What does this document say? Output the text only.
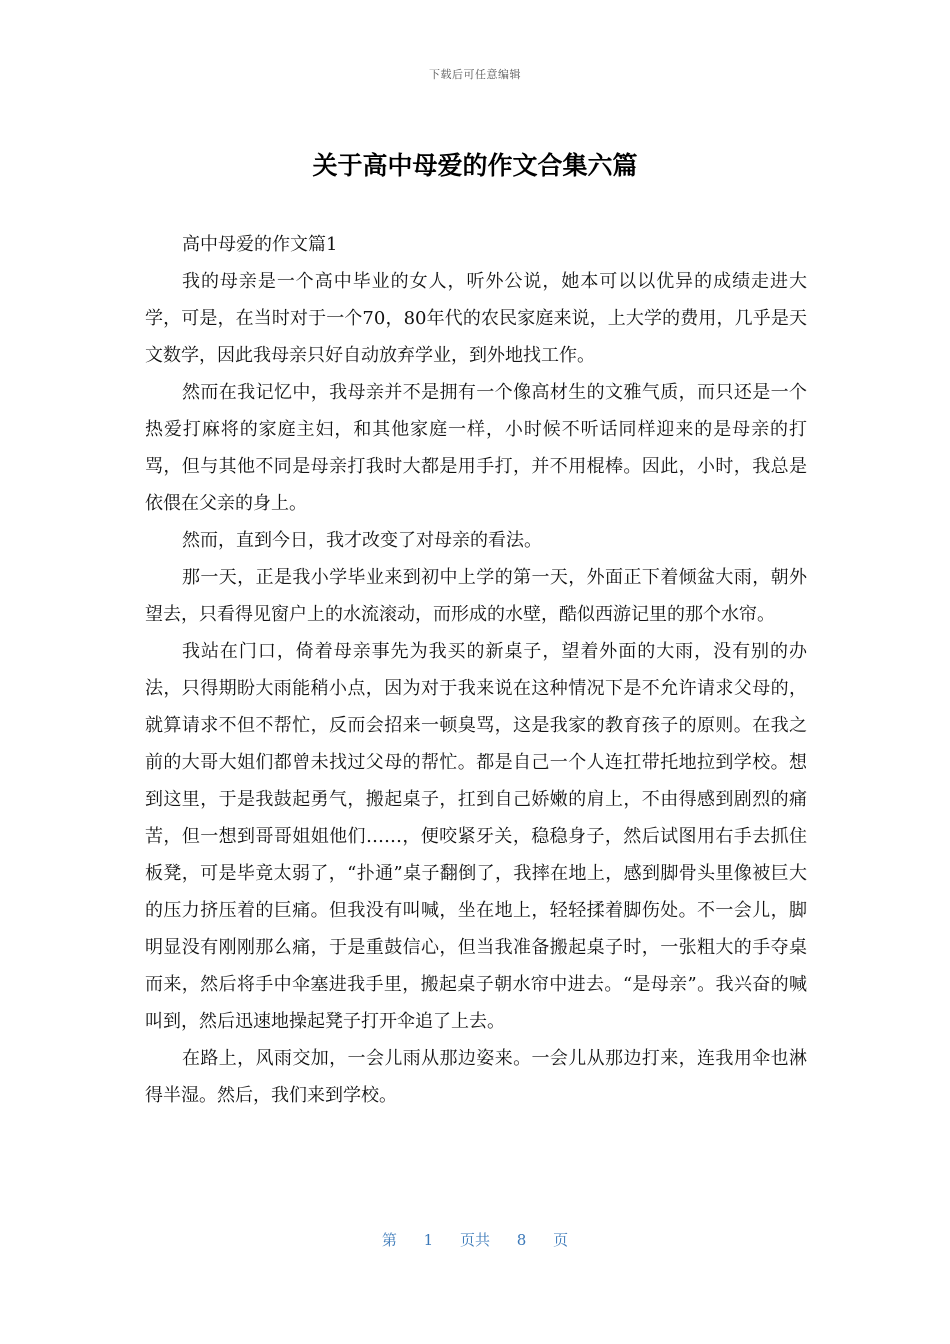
下载后可任意编辑
关于高中母爱的作文合集六篇

高中母爱的作文篇1

我的母亲是一个高中毕业的女人，听外公说，她本可以以优异的成绩走进大学，可是，在当时对于一个70，80年代的农民家庭来说，上大学的费用，几乎是天文数学，因此我母亲只好自动放弃学业，到外地找工作。

然而在我记忆中，我母亲并不是拥有一个像高材生的文雅气质，而只还是一个热爱打麻将的家庭主妇，和其他家庭一样，小时候不听话同样迎来的是母亲的打骂，但与其他不同是母亲打我时大都是用手打，并不用棍棒。因此，小时，我总是依偎在父亲的身上。

然而，直到今日，我才改变了对母亲的看法。

那一天，正是我小学毕业来到初中上学的第一天，外面正下着倾盆大雨，朝外望去，只看得见窗户上的水流滚动，而形成的水壁，酷似西游记里的那个水帘。

我站在门口，倚着母亲事先为我买的新桌子，望着外面的大雨，没有别的办法，只得期盼大雨能稍小点，因为对于我来说在这种情况下是不允许请求父母的，就算请求不但不帮忙，反而会招来一顿臭骂，这是我家的教育孩子的原则。在我之前的大哥大姐们都曾未找过父母的帮忙。都是自己一个人连扛带托地拉到学校。想到这里，于是我鼓起勇气，搬起桌子，扛到自己娇嫩的肩上，不由得感到剧烈的痛苦，但一想到哥哥姐姐他们……，便咬紧牙关，稳稳身子，然后试图用右手去抓住板凳，可是毕竟太弱了，“扑通”桌子翻倒了，我摔在地上，感到脚骨头里像被巨大的压力挤压着的巨痛。但我没有叫喊，坐在地上，轻轻揉着脚伤处。不一会儿，脚明显没有刚刚那么痛，于是重鼓信心，但当我准备搬起桌子时，一张粗大的手夺桌而来，然后将手中伞塞进我手里，搬起桌子朝水帘中进去。“是母亲”。我兴奋的喊叫到，然后迅速地操起凳子打开伞追了上去。

在路上，风雨交加，一会儿雨从那边姿来。一会儿从那边打来，连我用伞也淋得半湿。然后，我们来到学校。

第 1 页共 8 页
